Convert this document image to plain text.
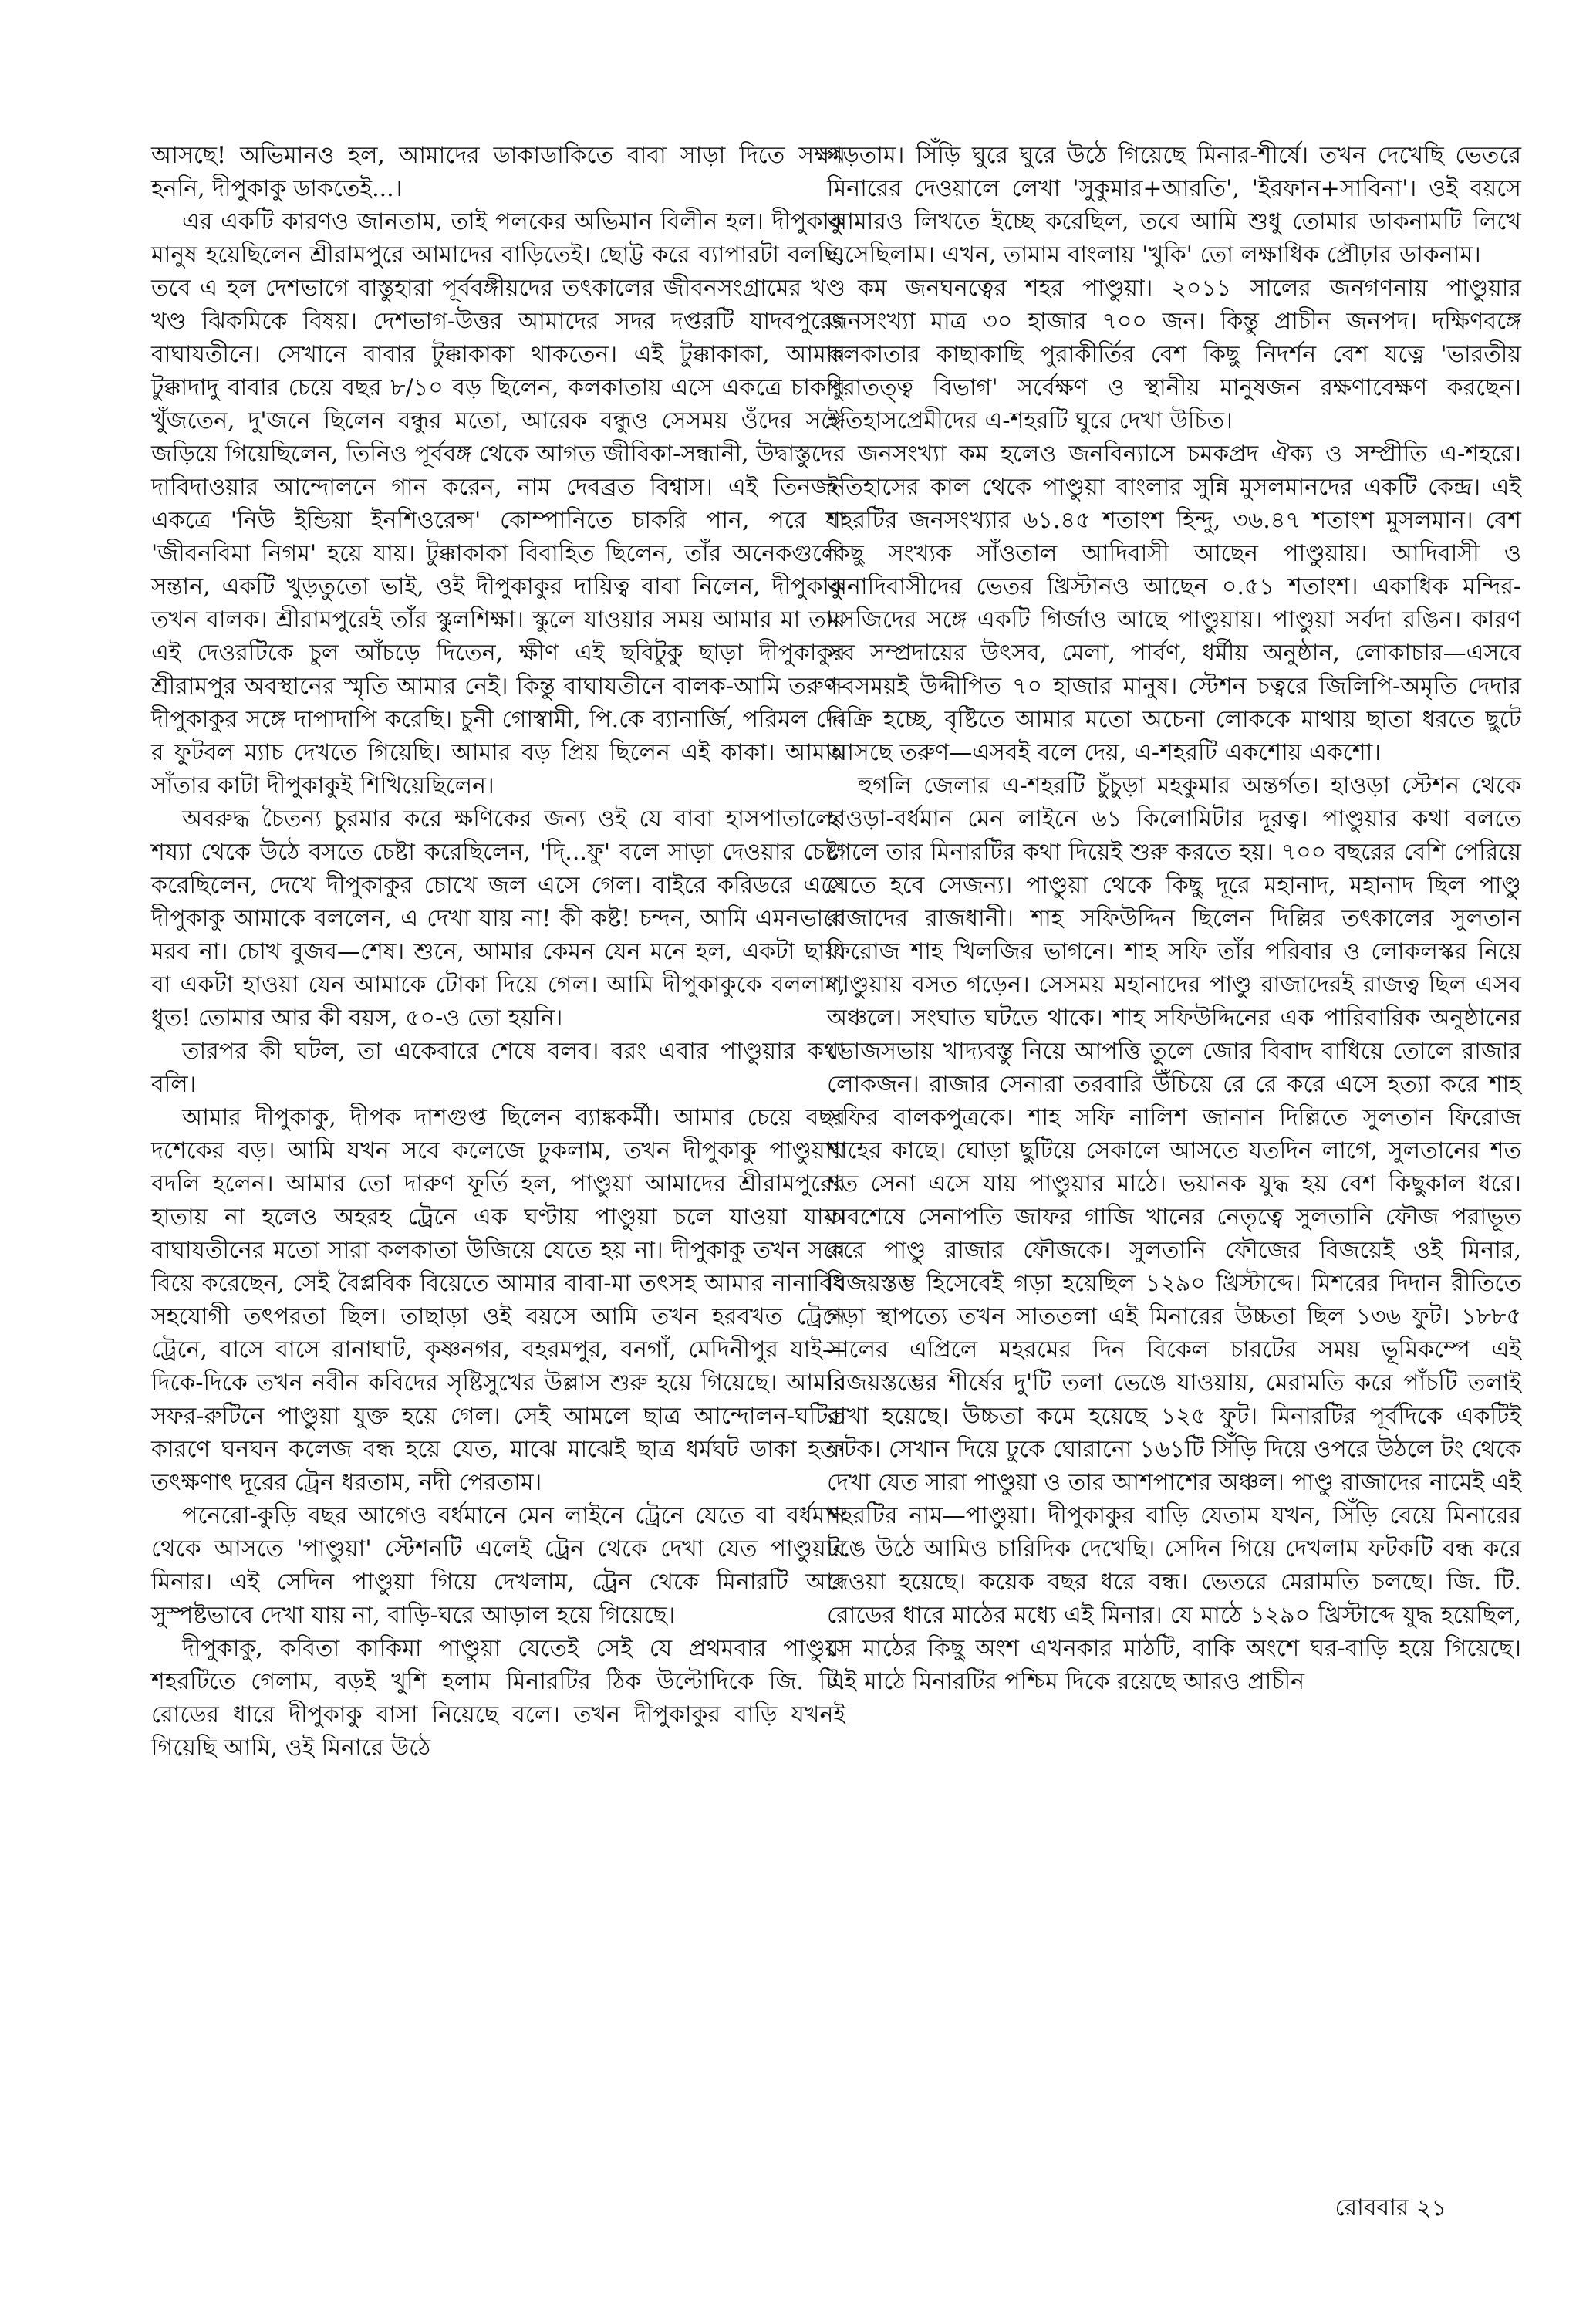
আসছে! অভিমানও হল, আমাদের ডাকাডাকিতে বাবা সাড়া দিতে সক্ষম হননি, দীপুকাকু ডাকতেই...।

এর একটি কারণও জানতাম, তাই পলকের অভিমান বিলীন হল। দীপুকাকু মানুষ হয়েছিলেন শ্রীরামপুরে আমাদের বাড়িতেই। ছোট্ট করে ব্যাপারটা বলছি, তবে এ হল দেশভাগে বাস্তুহারা পূর্ববঙ্গীয়দের তৎকালের জীবনসংগ্রামের খণ্ড খণ্ড ঝিকমিকে বিষয়। দেশভাগ-উত্তর আমাদের সদর দপ্তরটি যাদবপুরের বাঘাযতীনে। সেখানে বাবার টুক্কাকাকা থাকতেন। এই টুক্কাকাকা, আমার টুক্কাদাদু বাবার চেয়ে বছর ৮/১০ বড় ছিলেন, কলকাতায় এসে একত্রে চাকরি খুঁজতেন, দু'জনে ছিলেন বন্ধুর মতো, আরেক বন্ধুও সেসময় ওঁদের সঙ্গে জড়িয়ে গিয়েছিলেন, তিনিও পূর্ববঙ্গ থেকে আগত জীবিকা-সন্ধানী, উদ্বাস্তুদের দাবিদাওয়ার আন্দোলনে গান করেন, নাম দেবব্রত বিশ্বাস। এই তিনজন একত্রে 'নিউ ইন্ডিয়া ইনশিওরেন্স' কোম্পানিতে চাকরি পান, পরে যা 'জীবনবিমা নিগম' হয়ে যায়। টুক্কাকাকা বিবাহিত ছিলেন, তাঁর অনেকগুলো সন্তান, একটি খুড়তুতো ভাই, ওই দীপুকাকুর দায়িত্ব বাবা নিলেন, দীপুকাকু তখন বালক। শ্রীরামপুরেই তাঁর স্কুলশিক্ষা। স্কুলে যাওয়ার সময় আমার মা তার এই দেওরটিকে চুল আঁচড়ে দিতেন, ক্ষীণ এই ছবিটুকু ছাড়া দীপুকাকুর শ্রীরামপুর অবস্থানের স্মৃতি আমার নেই। কিন্তু বাঘাযতীনে বালক-আমি তরুণ-দীপুকাকুর সঙ্গে দাপাদাপি করেছি। চুনী গোস্বামী, পি.কে ব্যানার্জি, পরিমল দে-র ফুটবল ম্যাচ দেখতে গিয়েছি। আমার বড় প্রিয় ছিলেন এই কাকা। আমায় সাঁতার কাটা দীপুকাকুই শিখিয়েছিলেন।

অবরুদ্ধ চৈতন্য চুরমার করে ক্ষণিকের জন্য ওই যে বাবা হাসপাতালের শয্যা থেকে উঠে বসতে চেষ্টা করেছিলেন, 'দি্...ফু' বলে সাড়া দেওয়ার চেষ্টা করেছিলেন, দেখে দীপুকাকুর চোখে জল এসে গেল। বাইরে করিডরে এসে দীপুকাকু আমাকে বললেন, এ দেখা যায় না! কী কষ্ট! চন্দন, আমি এমনভাবে মরব না। চোখ বুজব—শেষ। শুনে, আমার কেমন যেন মনে হল, একটা ছায়া বা একটা হাওয়া যেন আমাকে টোকা দিয়ে গেল। আমি দীপুকাকুকে বললাম, ধুত! তোমার আর কী বয়স, ৫০-ও তো হয়নি।

তারপর কী ঘটল, তা একেবারে শেষে বলব। বরং এবার পাণ্ডুয়ার কথা বলি।

আমার দীপুকাকু, দীপক দাশগুপ্ত ছিলেন ব্যাঙ্ককর্মী। আমার চেয়ে বছর দশেকের বড়। আমি যখন সবে কলেজে ঢুকলাম, তখন দীপুকাকু পাণ্ডুয়ায় বদলি হলেন। আমার তো দারুণ ফূর্তি হল, পাণ্ডুয়া আমাদের শ্রীরামপুরের হাতায় না হলেও অহরহ ট্রেনে এক ঘণ্টায় পাণ্ডুয়া চলে যাওয়া যায়। বাঘাযতীনের মতো সারা কলকাতা উজিয়ে যেতে হয় না। দীপুকাকু তখন সবে বিয়ে করেছেন, সেই বৈপ্লবিক বিয়েতে আমার বাবা-মা তৎসহ আমার নানাবিধ সহযোগী তৎপরতা ছিল। তাছাড়া ওই বয়সে আমি তখন হরবখত ট্রেনে ট্রেনে, বাসে বাসে রানাঘাট, কৃষ্ণনগর, বহরমপুর, বনগাঁ, মেদিনীপুর যাই—দিকে-দিকে তখন নবীন কবিদের সৃষ্টিসুখের উল্লাস শুরু হয়ে গিয়েছে। আমার সফর-রুটিনে পাণ্ডুয়া যুক্ত হয়ে গেল। সেই আমলে ছাত্র আন্দোলন-ঘটিত কারণে ঘনঘন কলেজ বন্ধ হয়ে যেত, মাঝে মাঝেই ছাত্র ধর্মঘট ডাকা হত। তৎক্ষণাৎ দূরের ট্রেন ধরতাম, নদী পেরতাম।

পনেরো-কুড়ি বছর আগেও বর্ধমানে মেন লাইনে ট্রেনে যেতে বা বর্ধমান থেকে আসতে 'পাণ্ডুয়া' স্টেশনটি এলেই ট্রেন থেকে দেখা যেত পাণ্ডুয়ার মিনার। এই সেদিন পাণ্ডুয়া গিয়ে দেখলাম, ট্রেন থেকে মিনারটি আর সুস্পষ্টভাবে দেখা যায় না, বাড়ি-ঘরে আড়াল হয়ে গিয়েছে।

দীপুকাকু, কবিতা কাকিমা পাণ্ডুয়া যেতেই সেই যে প্রথমবার পাণ্ডুয়া শহরটিতে গেলাম, বড়ই খুশি হলাম মিনারটির ঠিক উল্টোদিকে জি. টি. রোডের ধারে দীপুকাকু বাসা নিয়েছে বলে। তখন দীপুকাকুর বাড়ি যখনই গিয়েছি আমি, ওই মিনারে উঠে

পড়তাম। সিঁড়ি ঘুরে ঘুরে উঠে গিয়েছে মিনার-শীর্ষে। তখন দেখেছি ভেতরে মিনারের দেওয়ালে লেখা 'সুকুমার+আরতি', 'ইরফান+সাবিনা'। ওই বয়সে আমারও লিখতে ইচ্ছে করেছিল, তবে আমি শুধু তোমার ডাকনামটি লিখে এসেছিলাম। এখন, তামাম বাংলায় 'খুকি' তো লক্ষাধিক প্রৌঢ়ার ডাকনাম।

কম জনঘনত্বের শহর পাণ্ডুয়া। ২০১১ সালের জনগণনায় পাণ্ডুয়ার জনসংখ্যা মাত্র ৩০ হাজার ৭০০ জন। কিন্তু প্রাচীন জনপদ। দক্ষিণবঙ্গে কলকাতার কাছাকাছি পুরাকীর্তির বেশ কিছু নিদর্শন বেশ যত্নে 'ভারতীয় পুরাতত্ত্ব বিভাগ' সর্বেক্ষণ ও স্থানীয় মানুষজন রক্ষণাবেক্ষণ করছেন। ইতিহাসপ্রেমীদের এ-শহরটি ঘুরে দেখা উচিত।

জনসংখ্যা কম হলেও জনবিন্যাসে চমকপ্রদ ঐক্য ও সম্প্রীতি এ-শহরে। ইতিহাসের কাল থেকে পাণ্ডুয়া বাংলার সুন্নি মুসলমানদের একটি কেন্দ্র। এই শহরটির জনসংখ্যার ৬১.৪৫ শতাংশ হিন্দু, ৩৬.৪৭ শতাংশ মুসলমান। বেশ কিছু সংখ্যক সাঁওতাল আদিবাসী আছেন পাণ্ডুয়ায়। আদিবাসী ও অনাদিবাসীদের ভেতর খ্রিস্টানও আছেন ০.৫১ শতাংশ। একাধিক মন্দির-মসজিদের সঙ্গে একটি গির্জাও আছে পাণ্ডুয়ায়। পাণ্ডুয়া সর্বদা রঙিন। কারণ সব সম্প্রদায়ের উৎসব, মেলা, পার্বণ, ধর্মীয় অনুষ্ঠান, লোকাচার—এসবে সবসময়ই উদ্দীপিত ৭০ হাজার মানুষ। স্টেশন চত্বরে জিলিপি-অমৃতি দেদার বিক্রি হচ্ছে, বৃষ্টিতে আমার মতো অচেনা লোককে মাথায় ছাতা ধরতে ছুটে আসছে তরুণ—এসবই বলে দেয়, এ-শহরটি একশোয় একশো।

হুগলি জেলার এ-শহরটি চুঁচুড়া মহকুমার অন্তর্গত। হাওড়া স্টেশন থেকে হাওড়া-বর্ধমান মেন লাইনে ৬১ কিলোমিটার দূরত্ব। পাণ্ডুয়ার কথা বলতে গেলে তার মিনারটির কথা দিয়েই শুরু করতে হয়। ৭০০ বছরের বেশি পেরিয়ে যেতে হবে সেজন্য। পাণ্ডুয়া থেকে কিছু দূরে মহানাদ, মহানাদ ছিল পাণ্ডু রাজাদের রাজধানী। শাহ সফিউদ্দিন ছিলেন দিল্লির তৎকালের সুলতান ফিরোজ শাহ খিলজির ভাগনে। শাহ সফি তাঁর পরিবার ও লোকলস্কর নিয়ে পাণ্ডুয়ায় বসত গড়েন। সেসময় মহানাদের পাণ্ডু রাজাদেরই রাজত্ব ছিল এসব অঞ্চলে। সংঘাত ঘটতে থাকে। শাহ সফিউদ্দিনের এক পারিবারিক অনুষ্ঠানের ভোজসভায় খাদ্যবস্তু নিয়ে আপত্তি তুলে জোর বিবাদ বাধিয়ে তোলে রাজার লোকজন। রাজার সেনারা তরবারি উঁচিয়ে রে রে করে এসে হত্যা করে শাহ সফির বালকপুত্রকে। শাহ সফি নালিশ জানান দিল্লিতে সুলতান ফিরোজ শাহের কাছে। ঘোড়া ছুটিয়ে সেকালে আসতে যতদিন লাগে, সুলতানের শত শত সেনা এসে যায় পাণ্ডুয়ার মাঠে। ভয়ানক যুদ্ধ হয় বেশ কিছুকাল ধরে। অবশেষে সেনাপতি জাফর গাজি খানের নেতৃত্বে সুলতানি ফৌজ পরাভূত করে পাণ্ডু রাজার ফৌজকে। সুলতানি ফৌজের বিজয়েই ওই মিনার, বিজয়স্তম্ভ হিসেবেই গড়া হয়েছিল ১২৯০ খ্রিস্টাব্দে। মিশরের দিদান রীতিতে গড়া স্থাপত্যে তখন সাততলা এই মিনারের উচ্চতা ছিল ১৩৬ ফুট। ১৮৮৫ সালের এপ্রিলে মহরমের দিন বিকেল চারটের সময় ভূমিকম্পে এই বিজয়স্তম্ভের শীর্ষের দু'টি তলা ভেঙে যাওয়ায়, মেরামতি করে পাঁচটি তলাই রাখা হয়েছে। উচ্চতা কমে হয়েছে ১২৫ ফুট। মিনারটির পূর্বদিকে একটিই ফটক। সেখান দিয়ে ঢুকে ঘোরানো ১৬১টি সিঁড়ি দিয়ে ওপরে উঠলে টং থেকে দেখা যেত সারা পাণ্ডুয়া ও তার আশপাশের অঞ্চল। পাণ্ডু রাজাদের নামেই এই শহরটির নাম—পাণ্ডুয়া। দীপুকাকুর বাড়ি যেতাম যখন, সিঁড়ি বেয়ে মিনারের টঙে উঠে আমিও চারিদিক দেখেছি। সেদিন গিয়ে দেখলাম ফটকটি বন্ধ করে দেওয়া হয়েছে। কয়েক বছর ধরে বন্ধ। ভেতরে মেরামতি চলছে। জি. টি. রোডের ধারে মাঠের মধ্যে এই মিনার। যে মাঠে ১২৯০ খ্রিস্টাব্দে যুদ্ধ হয়েছিল, সে মাঠের কিছু অংশ এখনকার মাঠটি, বাকি অংশে ঘর-বাড়ি হয়ে গিয়েছে। এই মাঠে মিনারটির পশ্চিম দিকে রয়েছে আরও প্রাচীন

রোববার ২১
